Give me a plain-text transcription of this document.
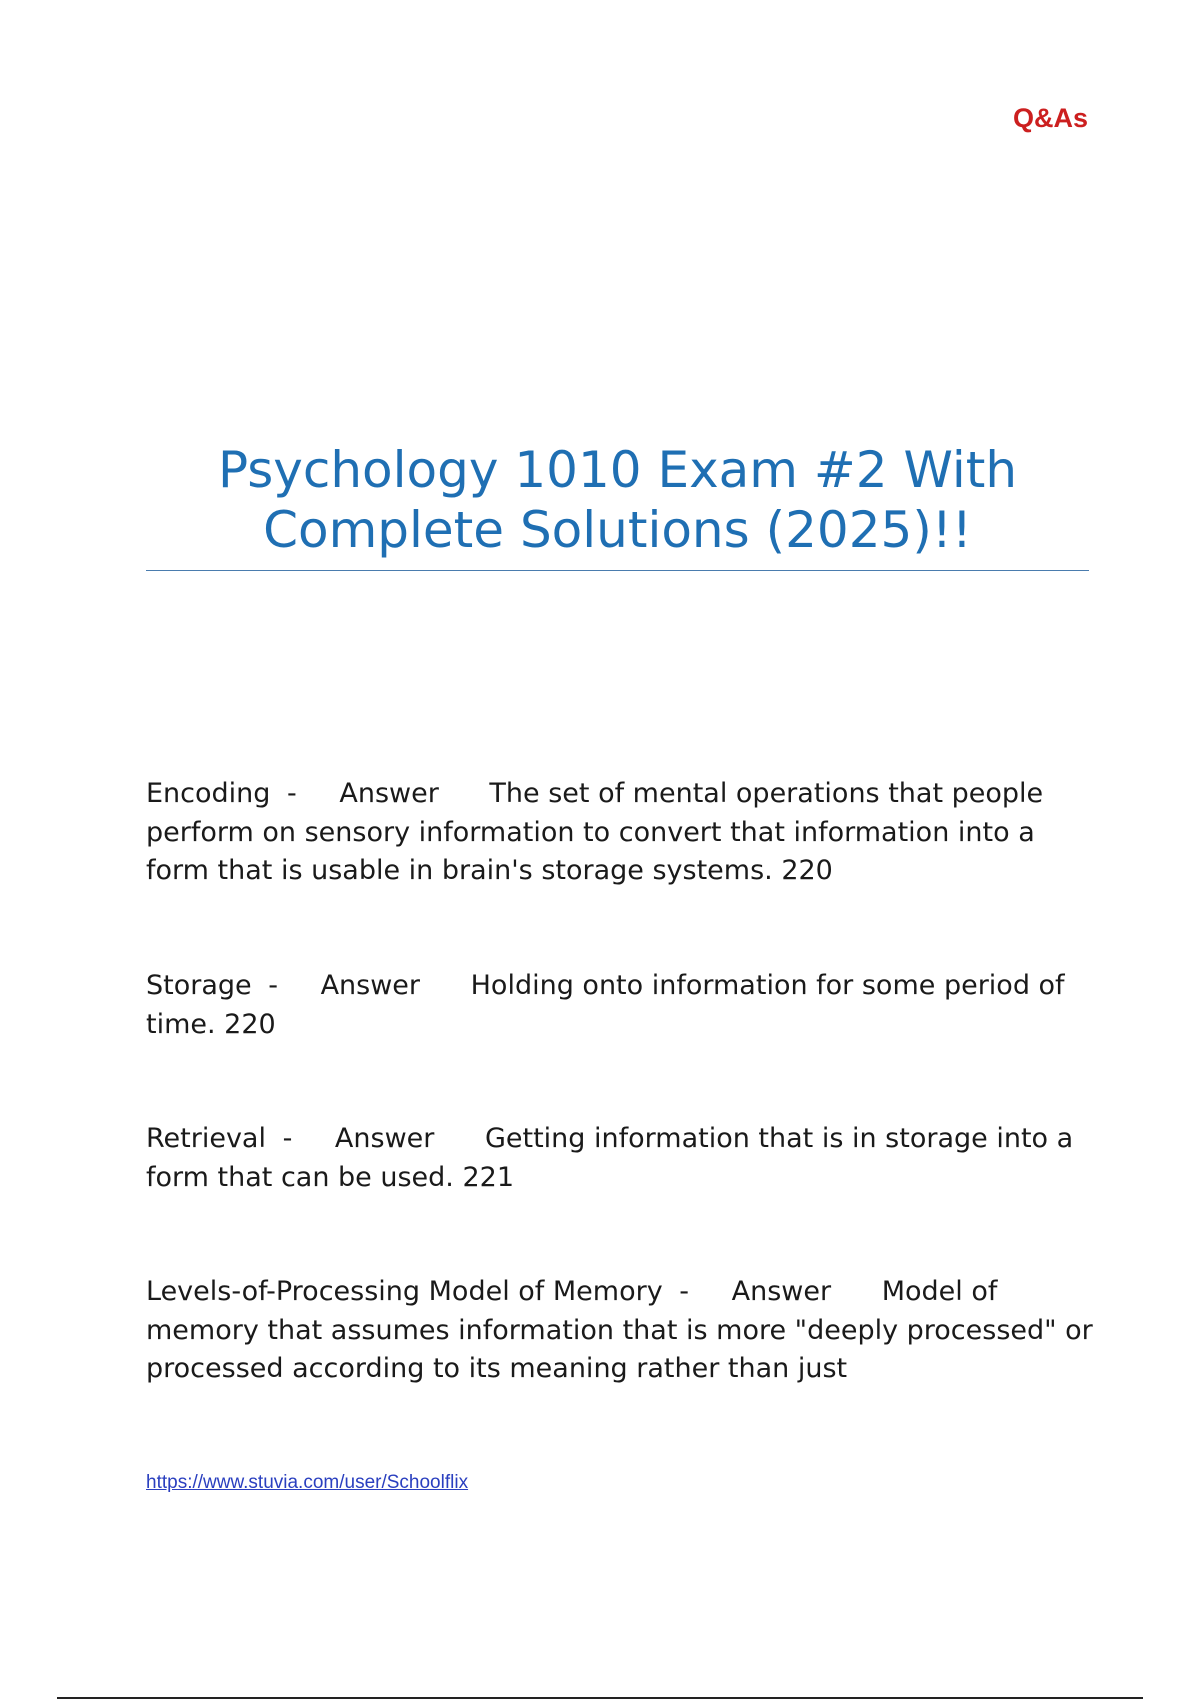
Q&As
Psychology 1010 Exam #2 With Complete Solutions (2025)!!
Encoding - Answer The set of mental operations that people perform on sensory information to convert that information into a form that is usable in brain's storage systems. 220
Storage - Answer Holding onto information for some period of time. 220
Retrieval - Answer Getting information that is in storage into a form that can be used. 221
Levels-of-Processing Model of Memory - Answer Model of memory that assumes information that is more "deeply processed" or processed according to its meaning rather than just
https://www.stuvia.com/user/Schoolflix
